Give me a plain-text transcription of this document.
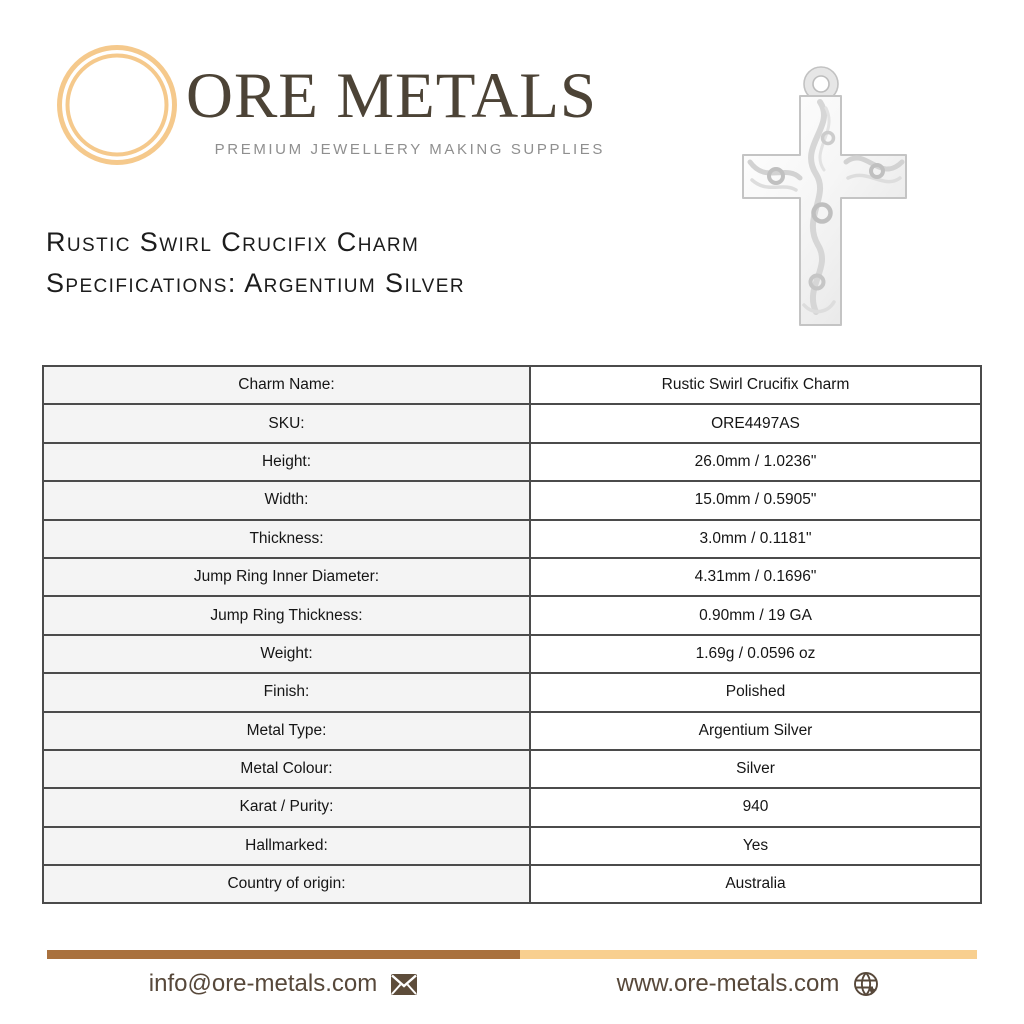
ORE METALS
PREMIUM JEWELLERY MAKING SUPPLIES
Rustic Swirl Crucifix Charm
Specifications: Argentium Silver
Charm Name:	Rustic Swirl Crucifix Charm
SKU:	ORE4497AS
Height:	26.0mm / 1.0236"
Width:	15.0mm / 0.5905"
Thickness:	3.0mm / 0.1181"
Jump Ring Inner Diameter:	4.31mm / 0.1696"
Jump Ring Thickness:	0.90mm / 19 GA
Weight:	1.69g / 0.0596 oz
Finish:	Polished
Metal Type:	Argentium Silver
Metal Colour:	Silver
Karat / Purity:	940
Hallmarked:	Yes
Country of origin:	Australia
info@ore-metals.com	www.ore-metals.com
